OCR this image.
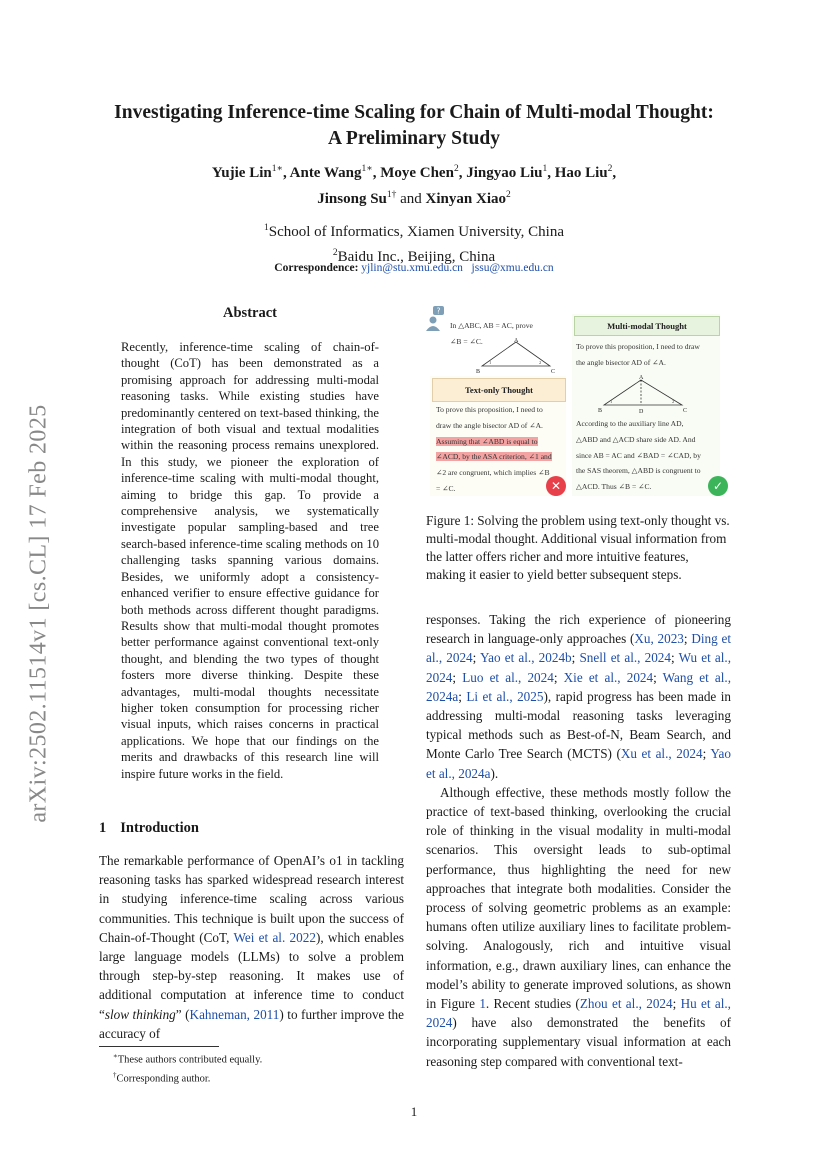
Investigating Inference-time Scaling for Chain of Multi-modal Thought:
A Preliminary Study
Yujie Lin$^{1∗}$, Ante Wang$^{1∗}$, Moye Chen$^2$, Jingyao Liu$^1$, Hao Liu$^2$,
Jinsong $Su^{1\dagger}$ and Xinyan Xiao$^2$
$^1$School of Informatics, Xiamen University, China
$^2$Baidu Inc., Beijing, China
Correspondence: yjlin@stu.xmu.edu.cn jssu@xmu.edu.cn
arXiv:2502.11514v1 [cs.CL] 17 Feb 2025
Abstract
Recently, inference-time scaling of chain-of-thought (CoT) has been demonstrated as a promising approach for addressing multi-modal reasoning tasks. While existing studies have predominantly centered on text-based thinking, the integration of both visual and textual modalities within the reasoning process remains unexplored. In this study, we pioneer the exploration of inference-time scaling with multi-modal thought, aiming to bridge this gap. To provide a comprehensive analysis, we systematically investigate popular sampling-based and tree search-based inference-time scaling methods on 10 challenging tasks spanning various domains. Besides, we uniformly adopt a consistency-enhanced verifier to ensure effective guidance for both methods across different thought paradigms. Results show that multi-modal thought promotes better performance against conventional text-only thought, and blending the two types of thought fosters more diverse thinking. Despite these advantages, multi-modal thoughts necessitate higher token consumption for processing richer visual inputs, which raises concerns in practical applications. We hope that our findings on the merits and drawbacks of this research line will inspire future works in the field.
1 Introduction

The remarkable performance of OpenAI’s o1 in tackling reasoning tasks has sparked widespread research interest in studying inference-time scaling across various communities. This technique is built upon the success of Chain-of-Thought (CoT, Wei et al. 2022), which enables large language models (LLMs) to solve a problem through step-by-step reasoning. It makes use of additional computation at inference time to conduct “slow thinking” (Kahneman, 2011) to further improve the accuracy of

∗These authors contributed equally.
†Corresponding author.
1
?
In △ABC, AB = AC, prove
∠B = ∠C.	A
B	C
1	2
Text-only Thought
To prove this proposition, I need to
draw the angle bisector AD of ∠A.
Assuming that ∠ABD is equal to
∠ACD, by the ASA criterion, ∠1 and
∠2 are congruent, which implies ∠B
= ∠C.	✕
Multi-modal Thought
To prove this proposition, I need to draw
the angle bisector AD of ∠A.
A
B	D	C
1	2
According to the auxiliary line AD,
△ABD and △ACD share side AD. And
since AB = AC and ∠BAD = ∠CAD, by
the SAS theorem, △ABD is congruent to
△ACD. Thus ∠B = ∠C.	✓
Figure 1: Solving the problem using text-only thought vs. multi-modal thought. Additional visual information from the latter offers richer and more intuitive features, making it easier to yield better subsequent steps.

responses. Taking the rich experience of pioneering research in language-only approaches (Xu, 2023; Ding et al., 2024; Yao et al., 2024b; Snell et al., 2024; Wu et al., 2024; Luo et al., 2024; Xie et al., 2024; Wang et al., 2024a; Li et al., 2025), rapid progress has been made in addressing multi-modal reasoning tasks leveraging typical methods such as Best-of-N, Beam Search, and Monte Carlo Tree Search (MCTS) (Xu et al., 2024; Yao et al., 2024a).

Although effective, these methods mostly follow the practice of text-based thinking, overlooking the crucial role of thinking in the visual modality in multi-modal scenarios. This oversight leads to sub-optimal performance, thus highlighting the need for new approaches that integrate both modalities. Consider the process of solving geometric problems as an example: humans often utilize auxiliary lines to facilitate problem-solving. Analogously, rich and intuitive visual information, e.g., drawn auxiliary lines, can enhance the model’s ability to generate improved solutions, as shown in Figure 1. Recent studies (Zhou et al., 2024; Hu et al., 2024) have also demonstrated the benefits of incorporating supplementary visual information at each reasoning step compared with conventional text-
